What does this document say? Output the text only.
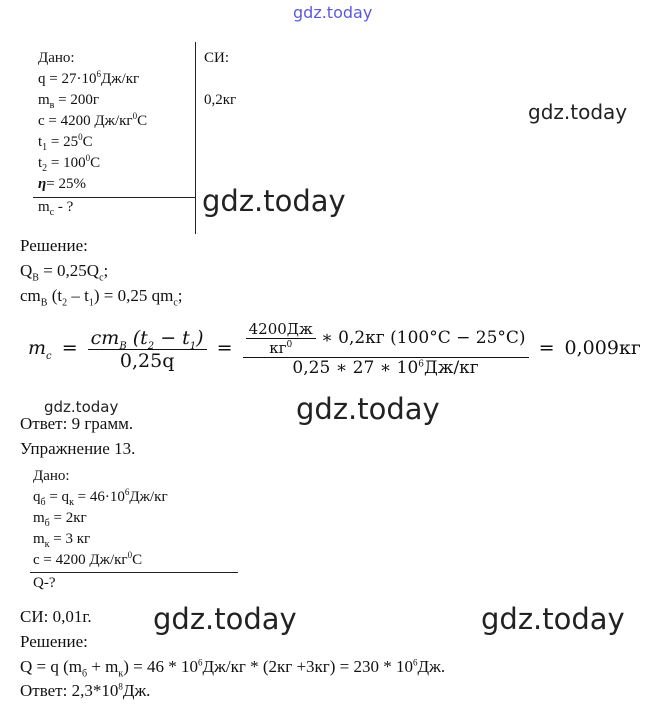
gdz.today
gdz.today
gdz.today
gdz.today	gdz.today
gdz.today	gdz.today
Дано:
$q = 27\cdot 10^6Дж/кг$
$m_в = 200г$
c = 4200 $Дж/кг^0C$
$t_1 = 25^0C$
$t_2 = 100^0C$
η= 25%
$m_c$ - ?
СИ:
0,2кг
Решение:
$Q_B = 0,25Q_c$;
$cm_B$ $(t_2 - t_1) = 0,25$ $qm_c$;
$m_c = \frac{cm_B (t_2 - t_1)}{0,25q} = \frac{\frac{4200Дж}{кг^0} ∗ 0,2кг (100^\circ C - 25^\circ C)}{0,25 ∗ 27 ∗ 10^6Дж/кг} = 0,009кг$
Ответ: 9 грамм.
Упражнение 13.
Дано:
$q_б = q_к = 46\cdot 10^6Дж/кг$
$m_б = 2кг$
$m_к = 3$ кг
c = 4200 $Дж/кг^0C$
Q-?
СИ: 0,01г.
Решение:
Q = q $(m_б + m_к) = 46 * 10^6Дж/кг * (2кг +3кг) = 230 * 10^6Дж$.
Ответ: $2,3*10^8Дж$.
